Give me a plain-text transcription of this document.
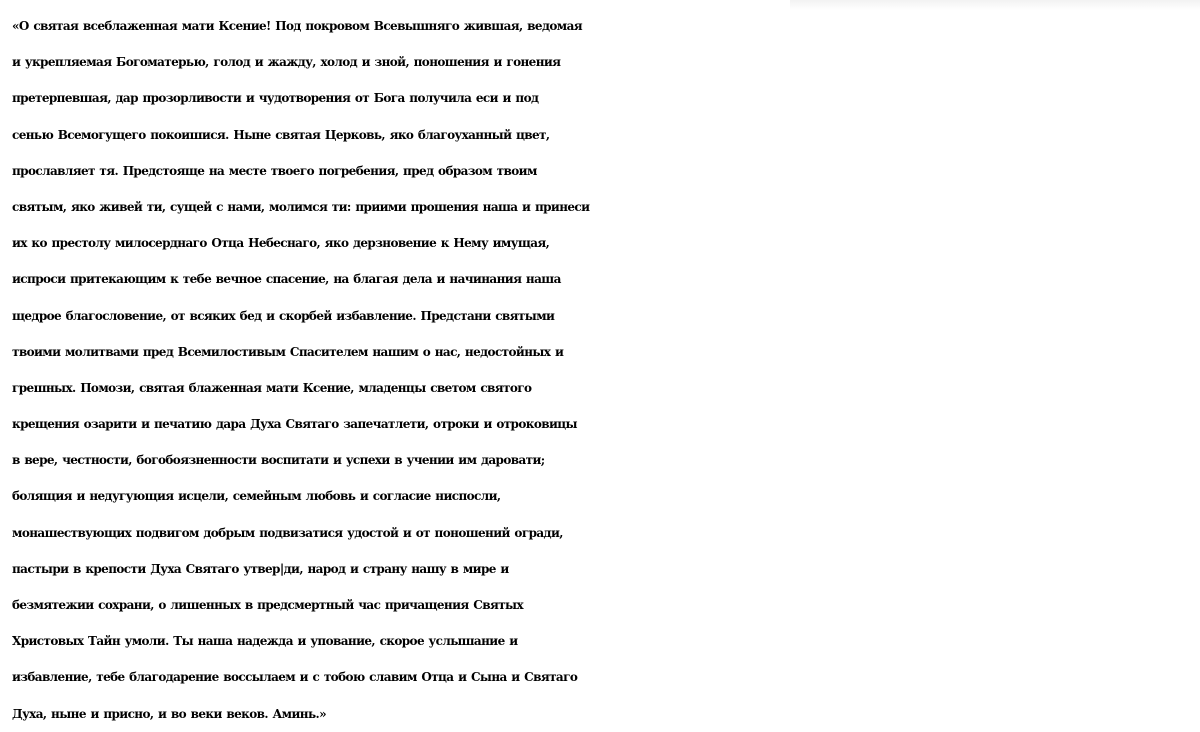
«О святая всеблаженная мати Ксение! Под покровом Всевышняго жившая, ведомая
и укрепляемая Богоматерью, голод и жажду, холод и зной, поношения и гонения
претерпевшая, дар прозорливости и чудотворения от Бога получила еси и под
сенью Всемогущего покоишися. Ныне святая Церковь, яко благоуханный цвет,
прославляет тя. Предстояще на месте твоего погребения, пред образом твоим
святым, яко живей ти, сущей с нами, молимся ти: приими прошения наша и принеси
их ко престолу милосерднаго Отца Небеснаго, яко дерзновение к Нему имущая,
испроси притекающим к тебе вечное спасение, на благая дела и начинания наша
щедрое благословение, от всяких бед и скорбей избавление. Предстани святыми
твоими молитвами пред Всемилостивым Спасителем нашим о нас, недостойных и
грешных. Помози, святая блаженная мати Ксение, младенцы светом святого
крещения озарити и печатию дара Духа Святаго запечатлети, отроки и отроковицы
в вере, честности, богобоязненности воспитати и успехи в учении им даровати;
болящия и недугующия исцели, семейным любовь и согласие ниспосли,
монашествующих подвигом добрым подвизатися удостой и от поношений огради,
пастыри в крепости Духа Святаго утвер|ди, народ и страну нашу в мире и
безмятежии сохрани, о лишенных в предсмертный час причащения Святых
Христовых Тайн умоли. Ты наша надежда и упование, скорое услышание и
избавление, тебе благодарение воссылаем и с тобою славим Отца и Сына и Святаго
Духа, ныне и присно, и во веки веков. Аминь.»
